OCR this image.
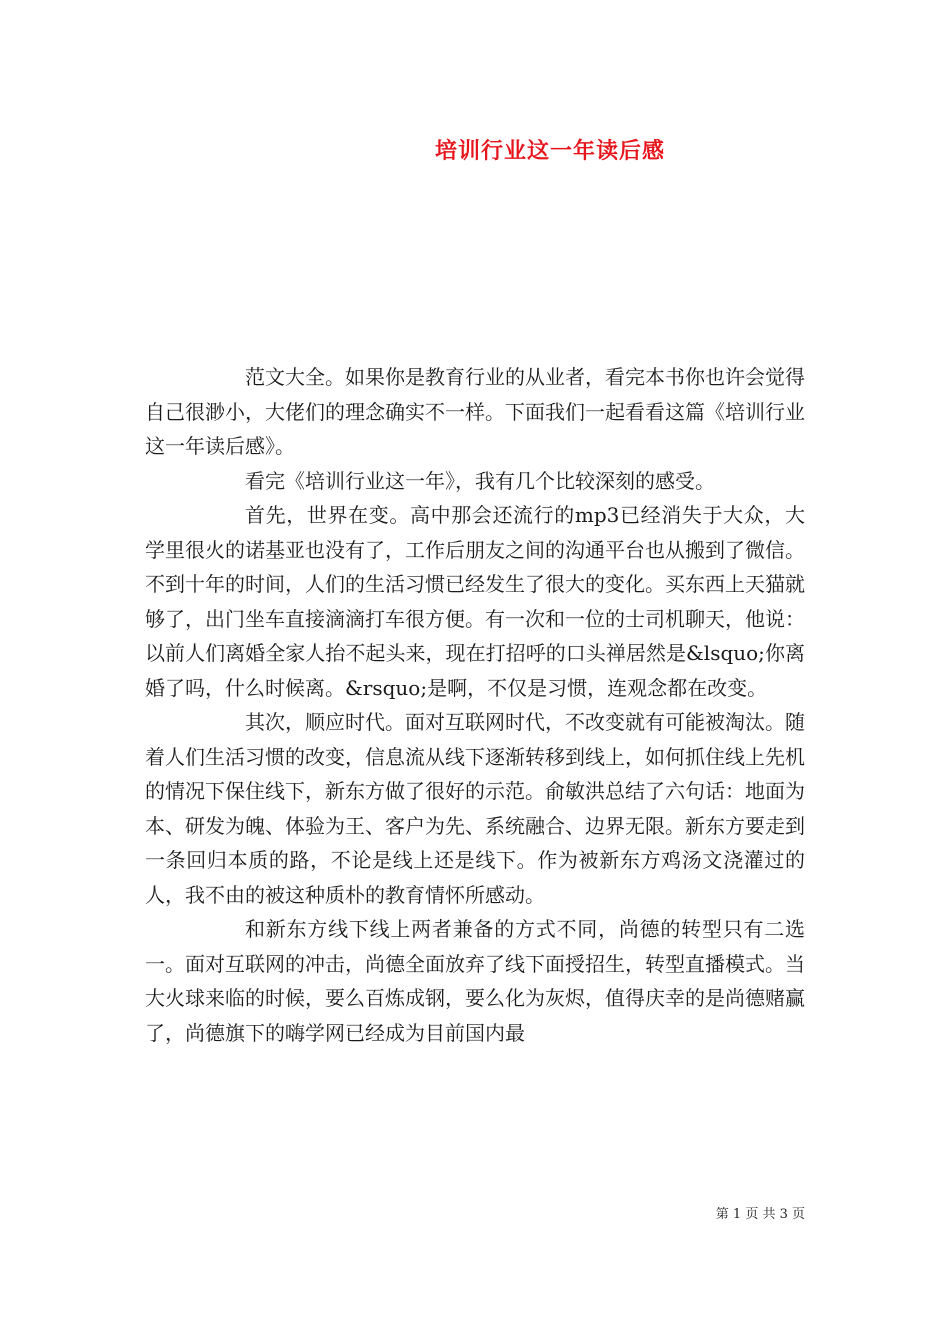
培训行业这一年读后感

范文大全。如果你是教育行业的从业者，看完本书你也许会觉得自己很渺小，大佬们的理念确实不一样。下面我们一起看看这篇《培训行业这一年读后感》。

看完《培训行业这一年》，我有几个比较深刻的感受。

首先，世界在变。高中那会还流行的mp3已经消失于大众，大学里很火的诺基亚也没有了，工作后朋友之间的沟通平台也从搬到了微信。不到十年的时间，人们的生活习惯已经发生了很大的变化。买东西上天猫就够了，出门坐车直接滴滴打车很方便。有一次和一位的士司机聊天，他说：以前人们离婚全家人抬不起头来，现在打招呼的口头禅居然是&lsquo;你离婚了吗，什么时候离。&rsquo;是啊，不仅是习惯，连观念都在改变。

其次，顺应时代。面对互联网时代，不改变就有可能被淘汰。随着人们生活习惯的改变，信息流从线下逐渐转移到线上，如何抓住线上先机的情况下保住线下，新东方做了很好的示范。俞敏洪总结了六句话：地面为本、研发为魄、体验为王、客户为先、系统融合、边界无限。新东方要走到一条回归本质的路，不论是线上还是线下。作为被新东方鸡汤文浇灌过的人，我不由的被这种质朴的教育情怀所感动。

和新东方线下线上两者兼备的方式不同，尚德的转型只有二选一。面对互联网的冲击，尚德全面放弃了线下面授招生，转型直播模式。当大火球来临的时候，要么百炼成钢，要么化为灰烬，值得庆幸的是尚德赌赢了，尚德旗下的嗨学网已经成为目前国内最

第 1 页 共 3 页
